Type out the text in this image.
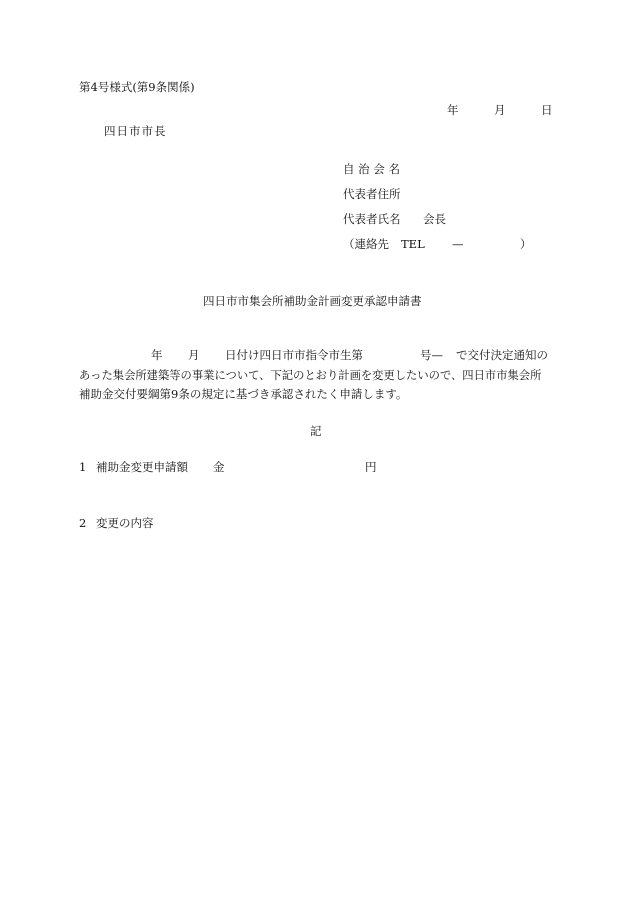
第4号様式(第9条関係)
年	月	日
四日市市長
自 治 会 名
代表者住所
代表者氏名 会長
（連絡先 TEL —	）
四日市市集会所補助金計画変更承認申請書
年 月 日付け四日市市指令市生第	号— で交付決定通知の
あった集会所建築等の事業について、下記のとおり計画を変更したいので、四日市市集会所
補助金交付要綱第9条の規定に基づき承認されたく申請します。
記
1 補助金変更申請額 金	円
2 変更の内容
